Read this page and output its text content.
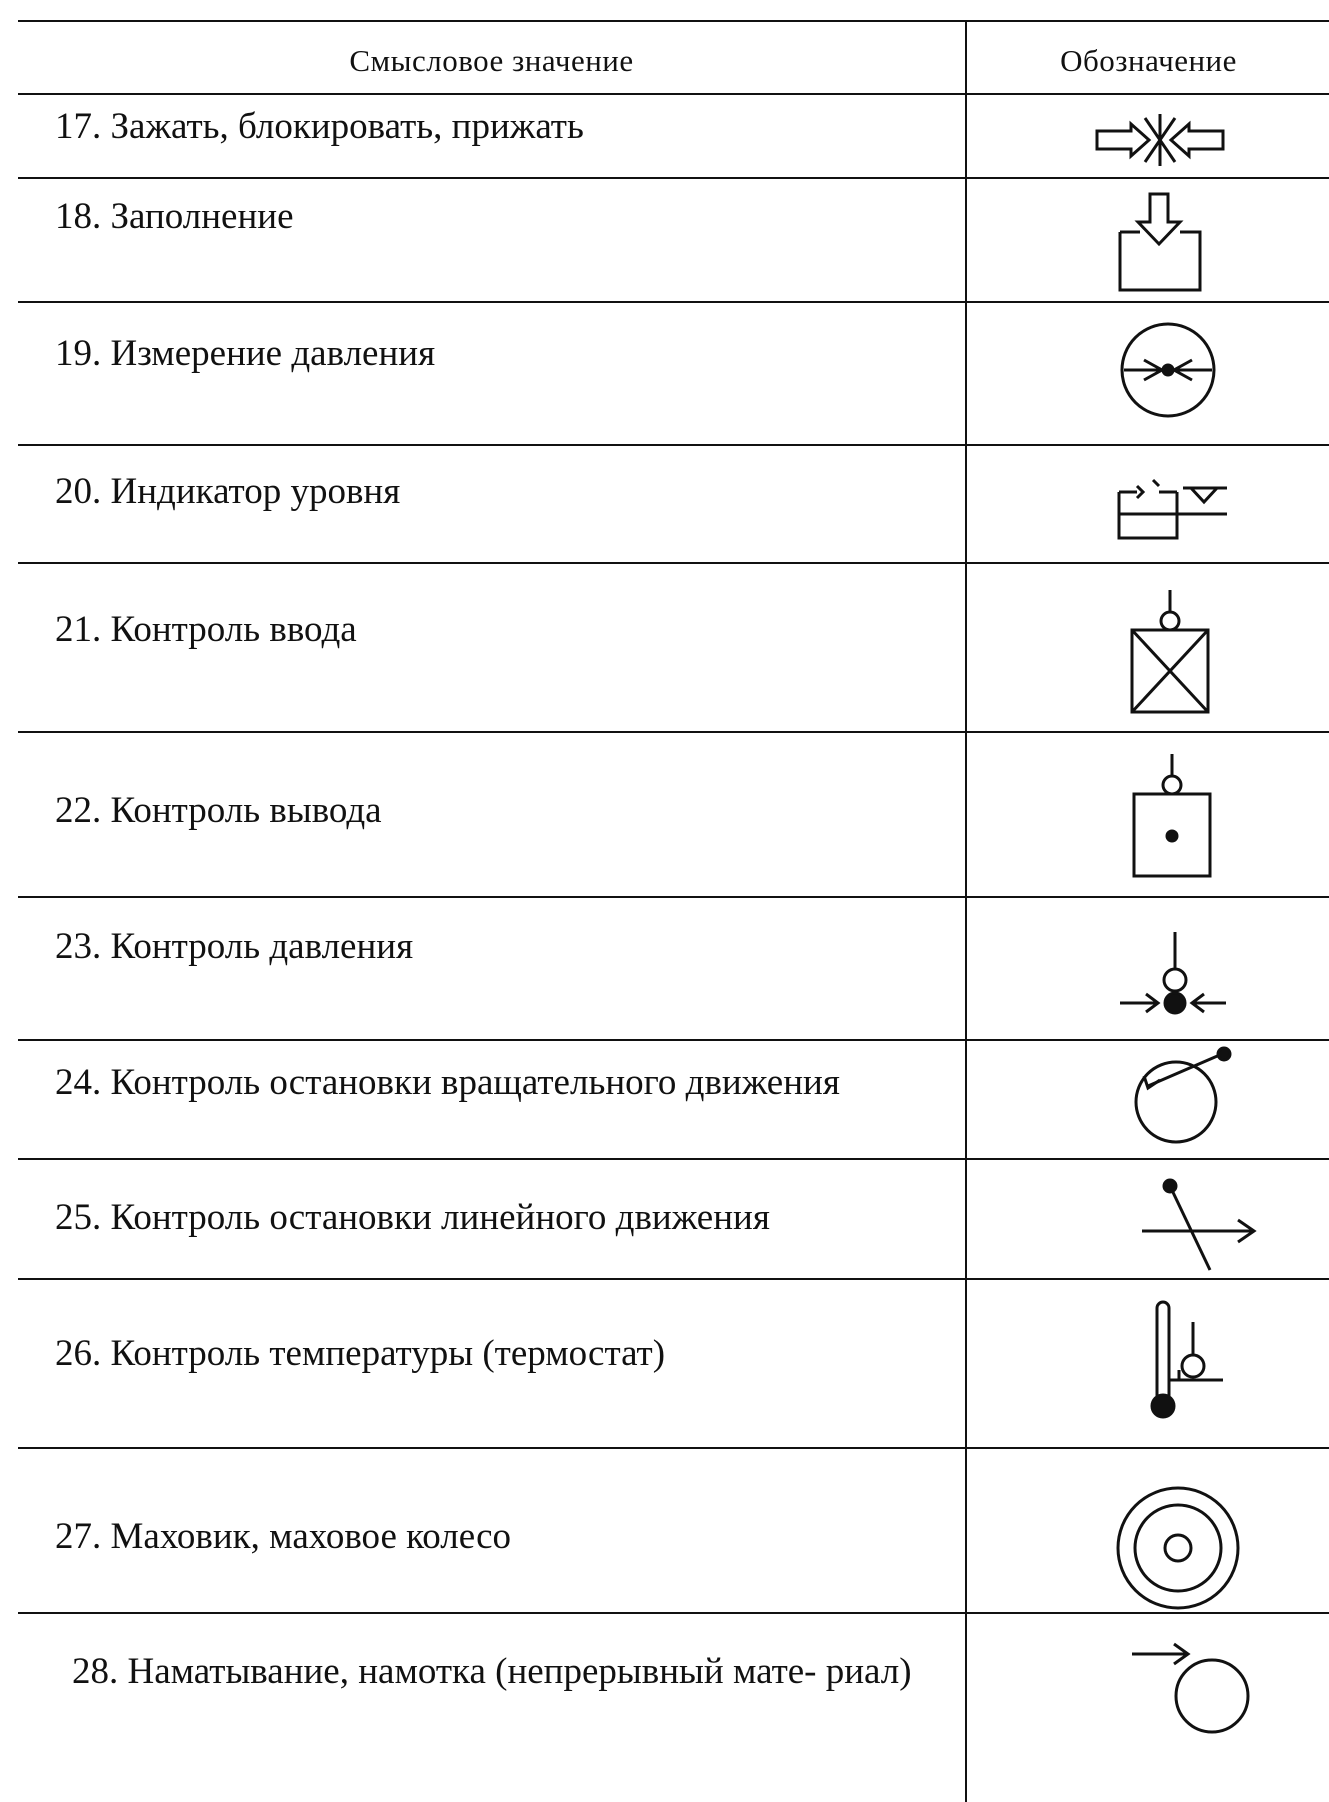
Смысловое значение	Обозначение
17. Зажать, блокировать, прижать
18. Заполнение
19. Измерение давления
20. Индикатор уровня
21. Контроль ввода
22. Контроль вывода
23. Контроль давления
24. Контроль остановки вращательного движения
25. Контроль остановки линейного движения
26. Контроль температуры (термостат)
27. Маховик, маховое колесо
28. Наматывание, намотка (непрерывный мате- риал)
